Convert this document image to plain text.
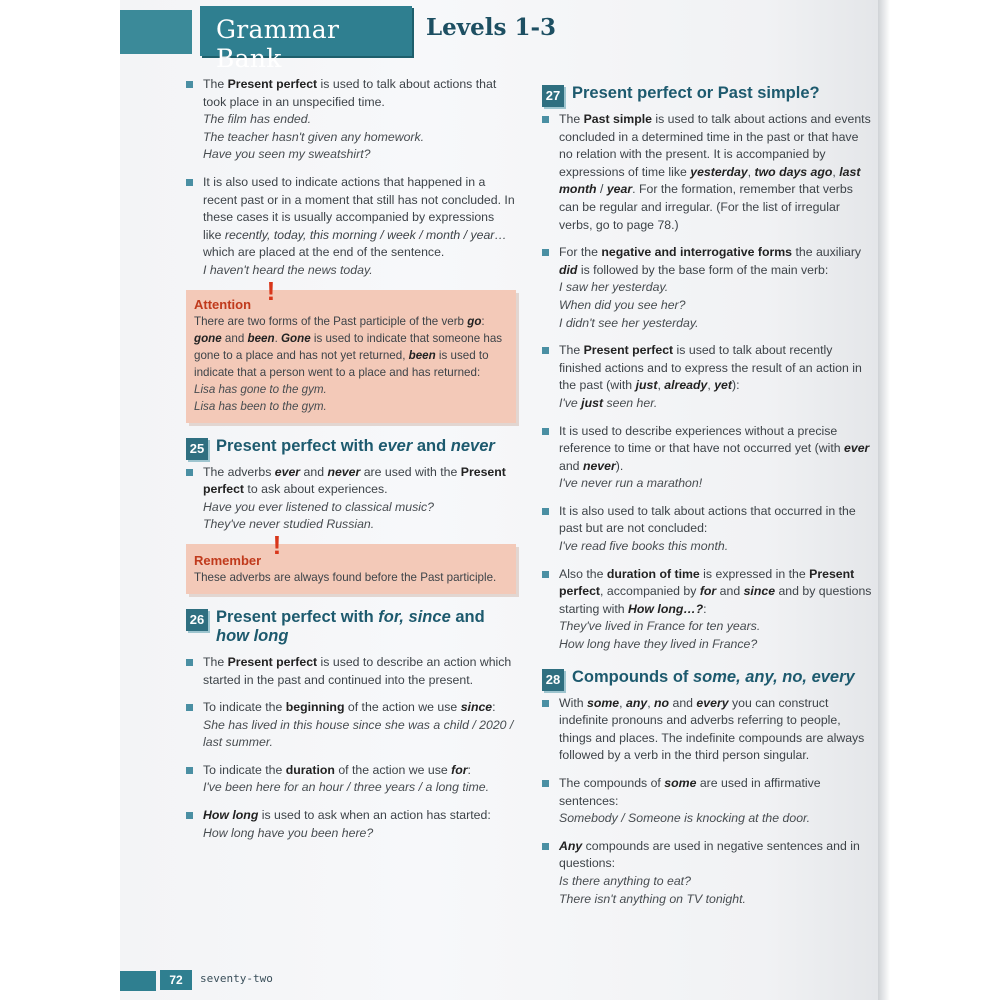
Grammar Bank
Levels 1-3

The Present perfect is used to talk about actions that took place in an unspecified time.

The film has ended.

The teacher hasn't given any homework.

Have you seen my sweatshirt?

It is also used to indicate actions that happened in a recent past or in a moment that still has not concluded. In these cases it is usually accompanied by expressions like recently, today, this morning / week / month / year… which are placed at the end of the sentence.

I haven't heard the news today.

!
Attention
There are two forms of the Past participle of the verb go: gone and been. Gone is used to indicate that someone has gone to a place and has not yet returned, been is used to indicate that a person went to a place and has returned:
Lisa has gone to the gym.
Lisa has been to the gym.
25 Present perfect with ever and never

The adverbs ever and never are used with the Present perfect to ask about experiences.

Have you ever listened to classical music?

They've never studied Russian.

!
Remember
These adverbs are always found before the Past participle.
26 Present perfect with for, since and how long

The Present perfect is used to describe an action which started in the past and continued into the present.

To indicate the beginning of the action we use since:

She has lived in this house since she was a child / 2020 / last summer.

To indicate the duration of the action we use for:

I've been here for an hour / three years / a long time.

How long is used to ask when an action has started:

How long have you been here?

27 Present perfect or Past simple?

The Past simple is used to talk about actions and events concluded in a determined time in the past or that have no relation with the present. It is accompanied by expressions of time like yesterday, two days ago, last month / year. For the formation, remember that verbs can be regular and irregular. (For the list of irregular verbs, go to page 78.)

For the negative and interrogative forms the auxiliary did is followed by the base form of the main verb:

I saw her yesterday.

When did you see her?

I didn't see her yesterday.

The Present perfect is used to talk about recently finished actions and to express the result of an action in the past (with just, already, yet):

I've just seen her.

It is used to describe experiences without a precise reference to time or that have not occurred yet (with ever and never).

I've never run a marathon!

It is also used to talk about actions that occurred in the past but are not concluded:

I've read five books this month.

Also the duration of time is expressed in the Present perfect, accompanied by for and since and by questions starting with How long…?:

They've lived in France for ten years.

How long have they lived in France?

28 Compounds of some, any, no, every

With some, any, no and every you can construct indefinite pronouns and adverbs referring to people, things and places. The indefinite compounds are always followed by a verb in the third person singular.

The compounds of some are used in affirmative sentences:

Somebody / Someone is knocking at the door.

Any compounds are used in negative sentences and in questions:

Is there anything to eat?

There isn't anything on TV tonight.

72	seventy-two
